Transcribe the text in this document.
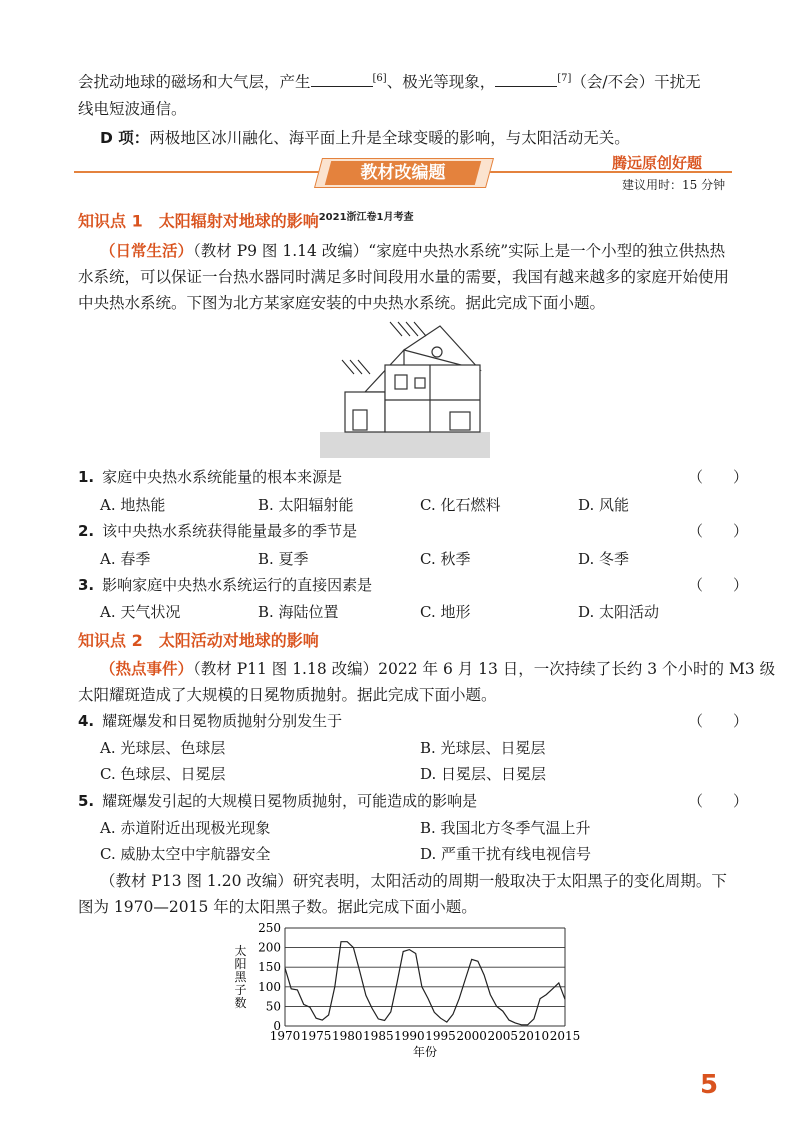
会扰动地球的磁场和大气层，产生	[6]、极光等现象，	[7]（会/不会）干扰无
线电短波通信。
D 项：两极地区冰川融化、海平面上升是全球变暖的影响，与太阳活动无关。
教材改编题	腾远原创好题
建议用时：15 分钟
知识点 1　太阳辐射对地球的影响$^{2021浙江卷1月考查}$
（日常生活）（教材 P9 图 1.14 改编）“家庭中央热水系统”实际上是一个小型的独立供热热
水系统，可以保证一台热水器同时满足多时间段用水量的需要，我国有越来越多的家庭开始使用
中央热水系统。下图为北方某家庭安装的中央热水系统。据此完成下面小题。
1. 家庭中央热水系统能量的根本来源是	（　　）
A. 地热能	B. 太阳辐射能	C. 化石燃料	D. 风能
2. 该中央热水系统获得能量最多的季节是	（　　）
A. 春季	B. 夏季	C. 秋季	D. 冬季
3. 影响家庭中央热水系统运行的直接因素是	（　　）
A. 天气状况	B. 海陆位置	C. 地形	D. 太阳活动
知识点 2　太阳活动对地球的影响
（热点事件）（教材 P11 图 1.18 改编）2022 年 6 月 13 日，一次持续了长约 3 个小时的 M3 级
太阳耀斑造成了大规模的日冕物质抛射。据此完成下面小题。
4. 耀斑爆发和日冕物质抛射分别发生于	（　　）
A. 光球层、色球层	B. 光球层、日冕层
C. 色球层、日冕层	D. 日冕层、日冕层
5. 耀斑爆发引起的大规模日冕物质抛射，可能造成的影响是	（　　）
A. 赤道附近出现极光现象	B. 我国北方冬季气温上升
C. 威胁太空中宇航器安全	D. 严重干扰有线电视信号
（教材 P13 图 1.20 改编）研究表明，太阳活动的周期一般取决于太阳黑子的变化周期。下
图为 1970—2015 年的太阳黑子数。据此完成下面小题。
0
50
100
150
200
250
1970 1975 1980 1985 1990 1995 2000 2005 2010 2015
年份
太阳黑子数
5
